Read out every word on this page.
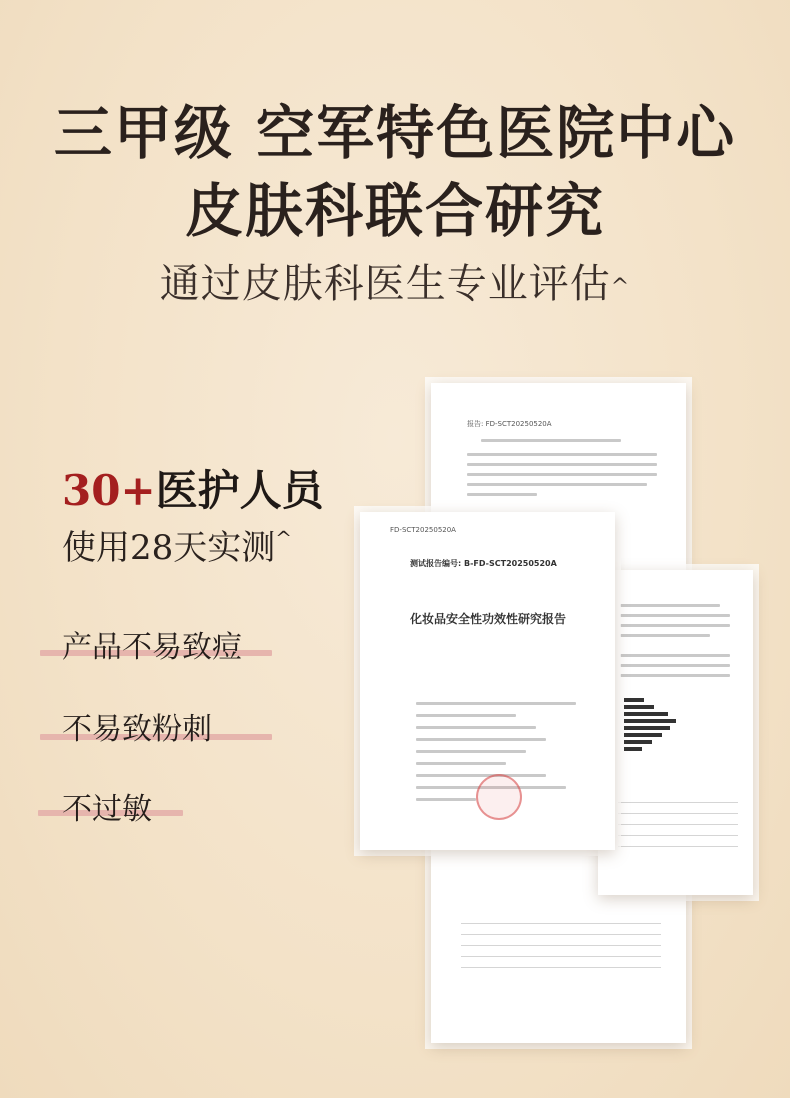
三甲级 空军特色医院中心
皮肤科联合研究
通过皮肤科医生专业评估^
30+医护人员
使用28天实测^
产品不易致痘
不易致粉刺
不过敏
报告: FD-SCT20250520A

FD-SCT20250520A
测试报告编号: B-FD-SCT20250520A
化妆品安全性功效性研究报告
